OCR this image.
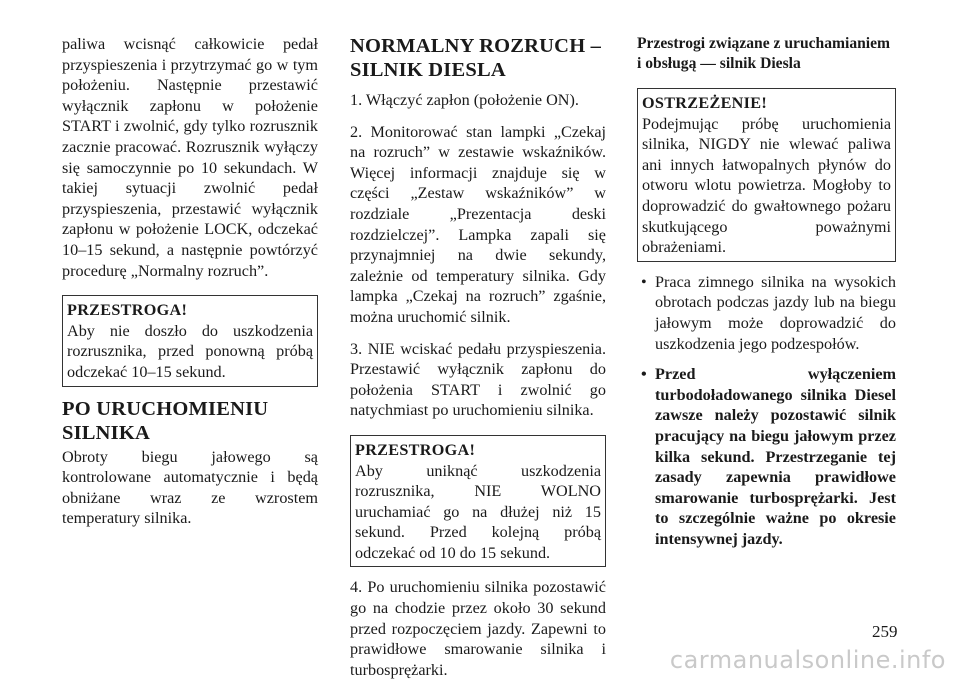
paliwa wcisnąć całkowicie pedał przyspieszenia i przytrzymać go w tym położeniu. Następnie przestawić wyłącznik zapłonu w położenie START i zwolnić, gdy tylko rozrusznik zacznie pracować. Rozrusznik wyłączy się samoczynnie po 10 sekundach. W takiej sytuacji zwolnić pedał przyspieszenia, przestawić wyłącznik zapłonu w położenie LOCK, odczekać 10–15 sekund, a następnie powtórzyć procedurę „Normalny rozruch”.

PRZESTROGA!

Aby nie doszło do uszkodzenia rozrusznika, przed ponowną próbą odczekać 10–15 sekund.

PO URUCHOMIENIU SILNIKA

Obroty biegu jałowego są kontrolowane automatycznie i będą obniżane wraz ze wzrostem temperatury silnika.

NORMALNY ROZRUCH – SILNIK DIESLA

1. Włączyć zapłon (położenie ON).

2. Monitorować stan lampki „Czekaj na rozruch” w zestawie wskaźników. Więcej informacji znajduje się w części „Zestaw wskaźników” w rozdziale „Prezentacja deski rozdzielczej”. Lampka zapali się przynajmniej na dwie sekundy, zależnie od temperatury silnika. Gdy lampka „Czekaj na rozruch” zgaśnie, można uruchomić silnik.

3. NIE wciskać pedału przyspieszenia. Przestawić wyłącznik zapłonu do położenia START i zwolnić go natychmiast po uruchomieniu silnika.

PRZESTROGA!

Aby uniknąć uszkodzenia rozrusznika, NIE WOLNO uruchamiać go na dłużej niż 15 sekund. Przed kolejną próbą odczekać od 10 do 15 sekund.

4. Po uruchomieniu silnika pozostawić go na chodzie przez około 30 sekund przed rozpoczęciem jazdy. Zapewni to prawidłowe smarowanie silnika i turbosprężarki.

Przestrogi związane z uruchamianiem i obsługą — silnik Diesla
OSTRZEŻENIE!

Podejmując próbę uruchomienia silnika, NIGDY nie wlewać paliwa ani innych łatwopalnych płynów do otworu wlotu powietrza. Mogłoby to doprowadzić do gwałtownego pożaru skutkującego poważnymi obrażeniami.

• Praca zimnego silnika na wysokich obrotach podczas jazdy lub na biegu jałowym może doprowadzić do uszkodzenia jego podzespołów.
• Przed wyłączeniem turbodoładowanego silnika Diesel zawsze należy pozostawić silnik pracujący na biegu jałowym przez kilka sekund. Przestrzeganie tej zasady zapewnia prawidłowe smarowanie turbosprężarki. Jest to szczególnie ważne po okresie intensywnej jazdy.
259
carmanualsonline.info
